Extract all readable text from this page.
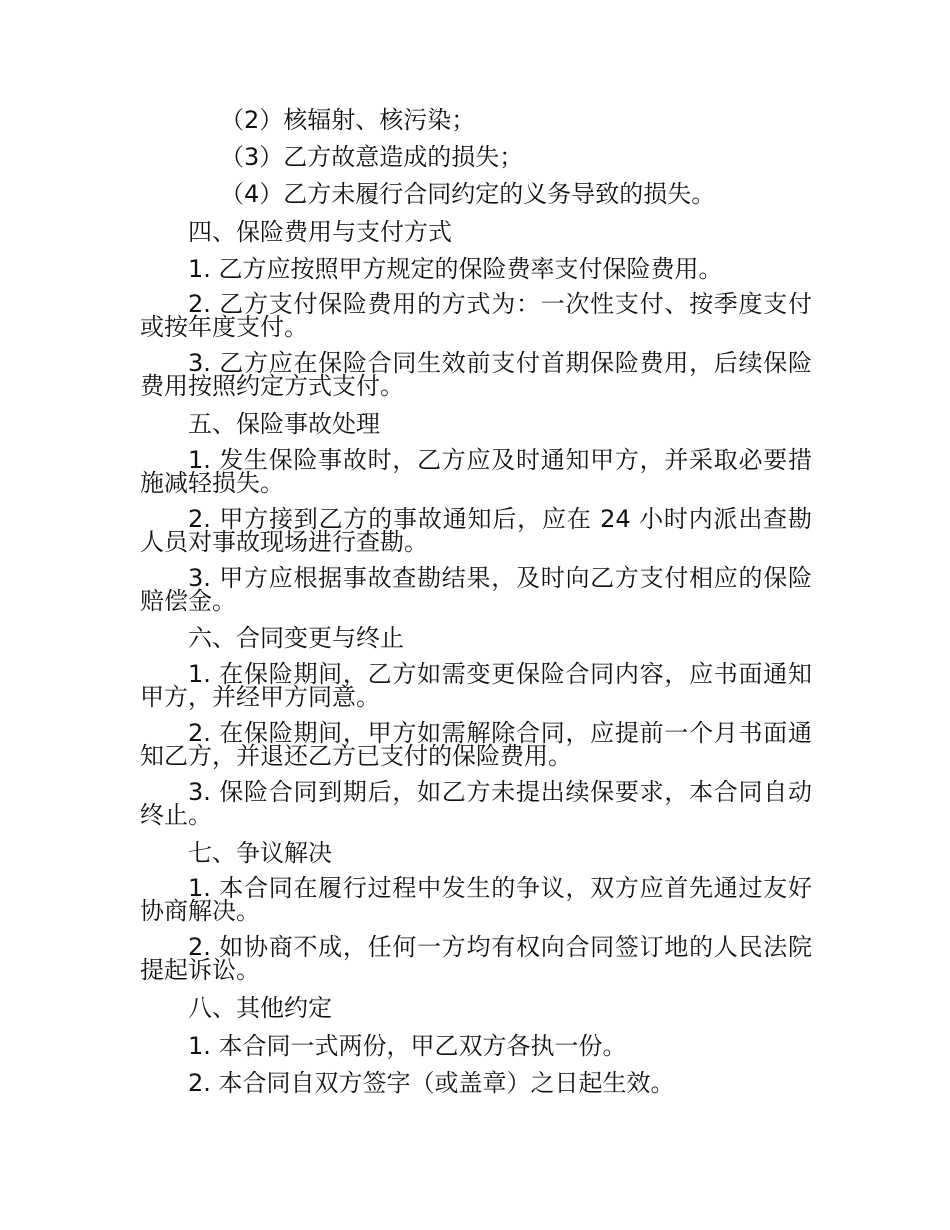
（2）核辐射、核污染；
（3）乙方故意造成的损失；
（4）乙方未履行合同约定的义务导致的损失。
四、保险费用与支付方式
1. 乙方应按照甲方规定的保险费率支付保险费用。
2. 乙方支付保险费用的方式为：一次性支付、按季度支付或按年度支付。
3. 乙方应在保险合同生效前支付首期保险费用，后续保险费用按照约定方式支付。
五、保险事故处理
1. 发生保险事故时，乙方应及时通知甲方，并采取必要措施减轻损失。
2. 甲方接到乙方的事故通知后，应在 24 小时内派出查勘人员对事故现场进行查勘。
3. 甲方应根据事故查勘结果，及时向乙方支付相应的保险赔偿金。
六、合同变更与终止
1. 在保险期间，乙方如需变更保险合同内容，应书面通知甲方，并经甲方同意。
2. 在保险期间，甲方如需解除合同，应提前一个月书面通知乙方，并退还乙方已支付的保险费用。
3. 保险合同到期后，如乙方未提出续保要求，本合同自动终止。
七、争议解决
1. 本合同在履行过程中发生的争议，双方应首先通过友好协商解决。
2. 如协商不成，任何一方均有权向合同签订地的人民法院提起诉讼。
八、其他约定
1. 本合同一式两份，甲乙双方各执一份。
2. 本合同自双方签字（或盖章）之日起生效。
